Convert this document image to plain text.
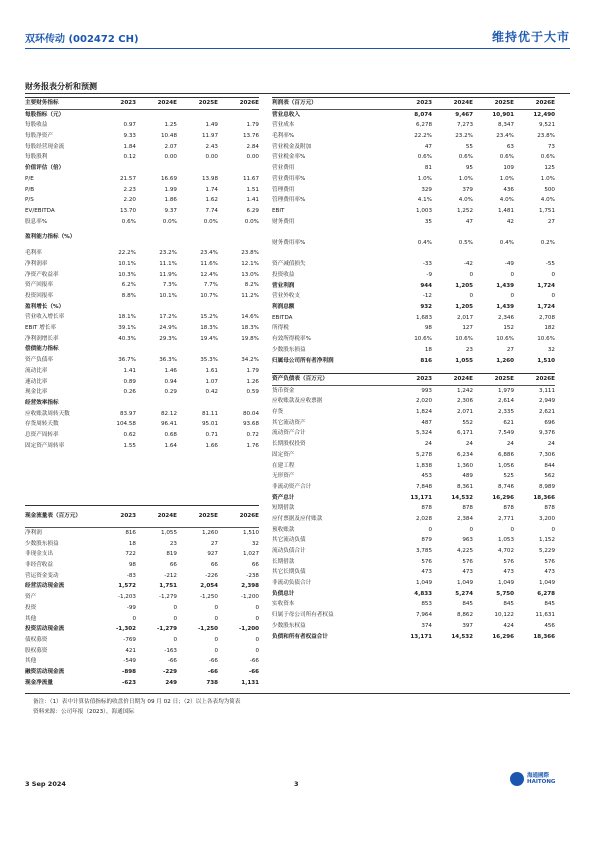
双环传动 (002472 CH)	维持优于大市
财务报表分析和预测
主要财务指标	2023	2024E	2025E	2026E
每股指标（元）
每股收益	0.97	1.25	1.49	1.79
每股净资产	9.33	10.48	11.97	13.76
每股经营现金流	1.84	2.07	2.43	2.84
每股股利	0.12	0.00	0.00	0.00
价值评估（倍）
P/E	21.57	16.69	13.98	11.67
P/B	2.23	1.99	1.74	1.51
P/S	2.20	1.86	1.62	1.41
EV/EBITDA	13.70	9.37	7.74	6.29
股息率%	0.6%	0.0%	0.0%	0.0%
盈利能力指标（%）
毛利率	22.2%	23.2%	23.4%	23.8%
净利润率	10.1%	11.1%	11.6%	12.1%
净资产收益率	10.3%	11.9%	12.4%	13.0%
资产回报率	6.2%	7.3%	7.7%	8.2%
投资回报率	8.8%	10.1%	10.7%	11.2%
盈利增长（%）
营业收入增长率	18.1%	17.2%	15.2%	14.6%
EBIT 增长率	39.1%	24.9%	18.3%	18.3%
净利润增长率	40.3%	29.3%	19.4%	19.8%
偿债能力指标
资产负债率	36.7%	36.3%	35.3%	34.2%
流动比率	1.41	1.46	1.61	1.79
速动比率	0.89	0.94	1.07	1.26
现金比率	0.26	0.29	0.42	0.59
经营效率指标
应收账款周转天数	83.97	82.12	81.11	80.04
存货周转天数	104.58	96.41	95.01	93.68
总资产周转率	0.62	0.68	0.71	0.72
固定资产周转率	1.55	1.64	1.66	1.76
利润表（百万元）	2023	2024E	2025E	2026E
营业总收入	8,074	9,467	10,901	12,490
营业成本	6,278	7,273	8,347	9,521
毛利率%	22.2%	23.2%	23.4%	23.8%
营业税金及附加	47	55	63	73
营业税金率%	0.6%	0.6%	0.6%	0.6%
营业费用	81	95	109	125
营业费用率%	1.0%	1.0%	1.0%	1.0%
管理费用	329	379	436	500
管理费用率%	4.1%	4.0%	4.0%	4.0%
EBIT	1,003	1,252	1,481	1,751
财务费用	35	47	42	27
财务费用率%	0.4%	0.5%	0.4%	0.2%
资产减值损失	-33	-42	-49	-55
投资收益	-9	0	0	0
营业利润	944	1,205	1,439	1,724
营业外收支	-12	0	0	0
利润总额	932	1,205	1,439	1,724
EBITDA	1,683	2,017	2,346	2,708
所得税	98	127	152	182
有效所得税率%	10.6%	10.6%	10.6%	10.6%
少数股东损益	18	23	27	32
归属母公司所有者净利润	816	1,055	1,260	1,510
资产负债表（百万元）	2023	2024E	2025E	2026E
货币资金	993	1,242	1,979	3,111
应收账款及应收票据	2,020	2,306	2,614	2,949
存货	1,824	2,071	2,335	2,621
其它流动资产	487	552	621	696
流动资产合计	5,324	6,171	7,549	9,376
长期股权投资	24	24	24	24
固定资产	5,278	6,234	6,886	7,306
在建工程	1,838	1,360	1,056	844
无形资产	453	489	525	562
非流动资产合计	7,848	8,361	8,746	8,989
资产总计	13,171	14,532	16,296	18,366
短期借款	878	878	878	878
应付票据及应付账款	2,028	2,384	2,771	3,200
预收账款	0	0	0	0
其它流动负债	879	963	1,053	1,152
流动负债合计	3,785	4,225	4,702	5,229
长期借款	576	576	576	576
其它长期负债	473	473	473	473
非流动负债合计	1,049	1,049	1,049	1,049
负债总计	4,833	5,274	5,750	6,278
实收资本	853	845	845	845
归属于母公司所有者权益	7,964	8,862	10,122	11,631
少数股东权益	374	397	424	456
负债和所有者权益合计	13,171	14,532	16,296	18,366
现金流量表（百万元）	2023	2024E	2025E	2026E
净利润	816	1,055	1,260	1,510
少数股东损益	18	23	27	32
非现金支出	722	819	927	1,027
非经营收益	98	66	66	66
营运资金变动	-83	-212	-226	-238
经营活动现金流	1,572	1,751	2,054	2,398
资产	-1,203	-1,279	-1,250	-1,200
投资	-99	0	0	0
其他	0	0	0	0
投资活动现金流	-1,302	-1,279	-1,250	-1,200
债权募资	-769	0	0	0
股权募资	421	-163	0	0
其他	-549	-66	-66	-66
融资活动现金流	-898	-229	-66	-66
现金净流量	-623	249	738	1,131
备注：（1）表中计算估值指标的收盘价日期为 09 月 02 日；（2）以上各表均为简表
资料来源：公司年报（2023），海通国际
3 Sep 2024	3
海通國際
HAITONG
